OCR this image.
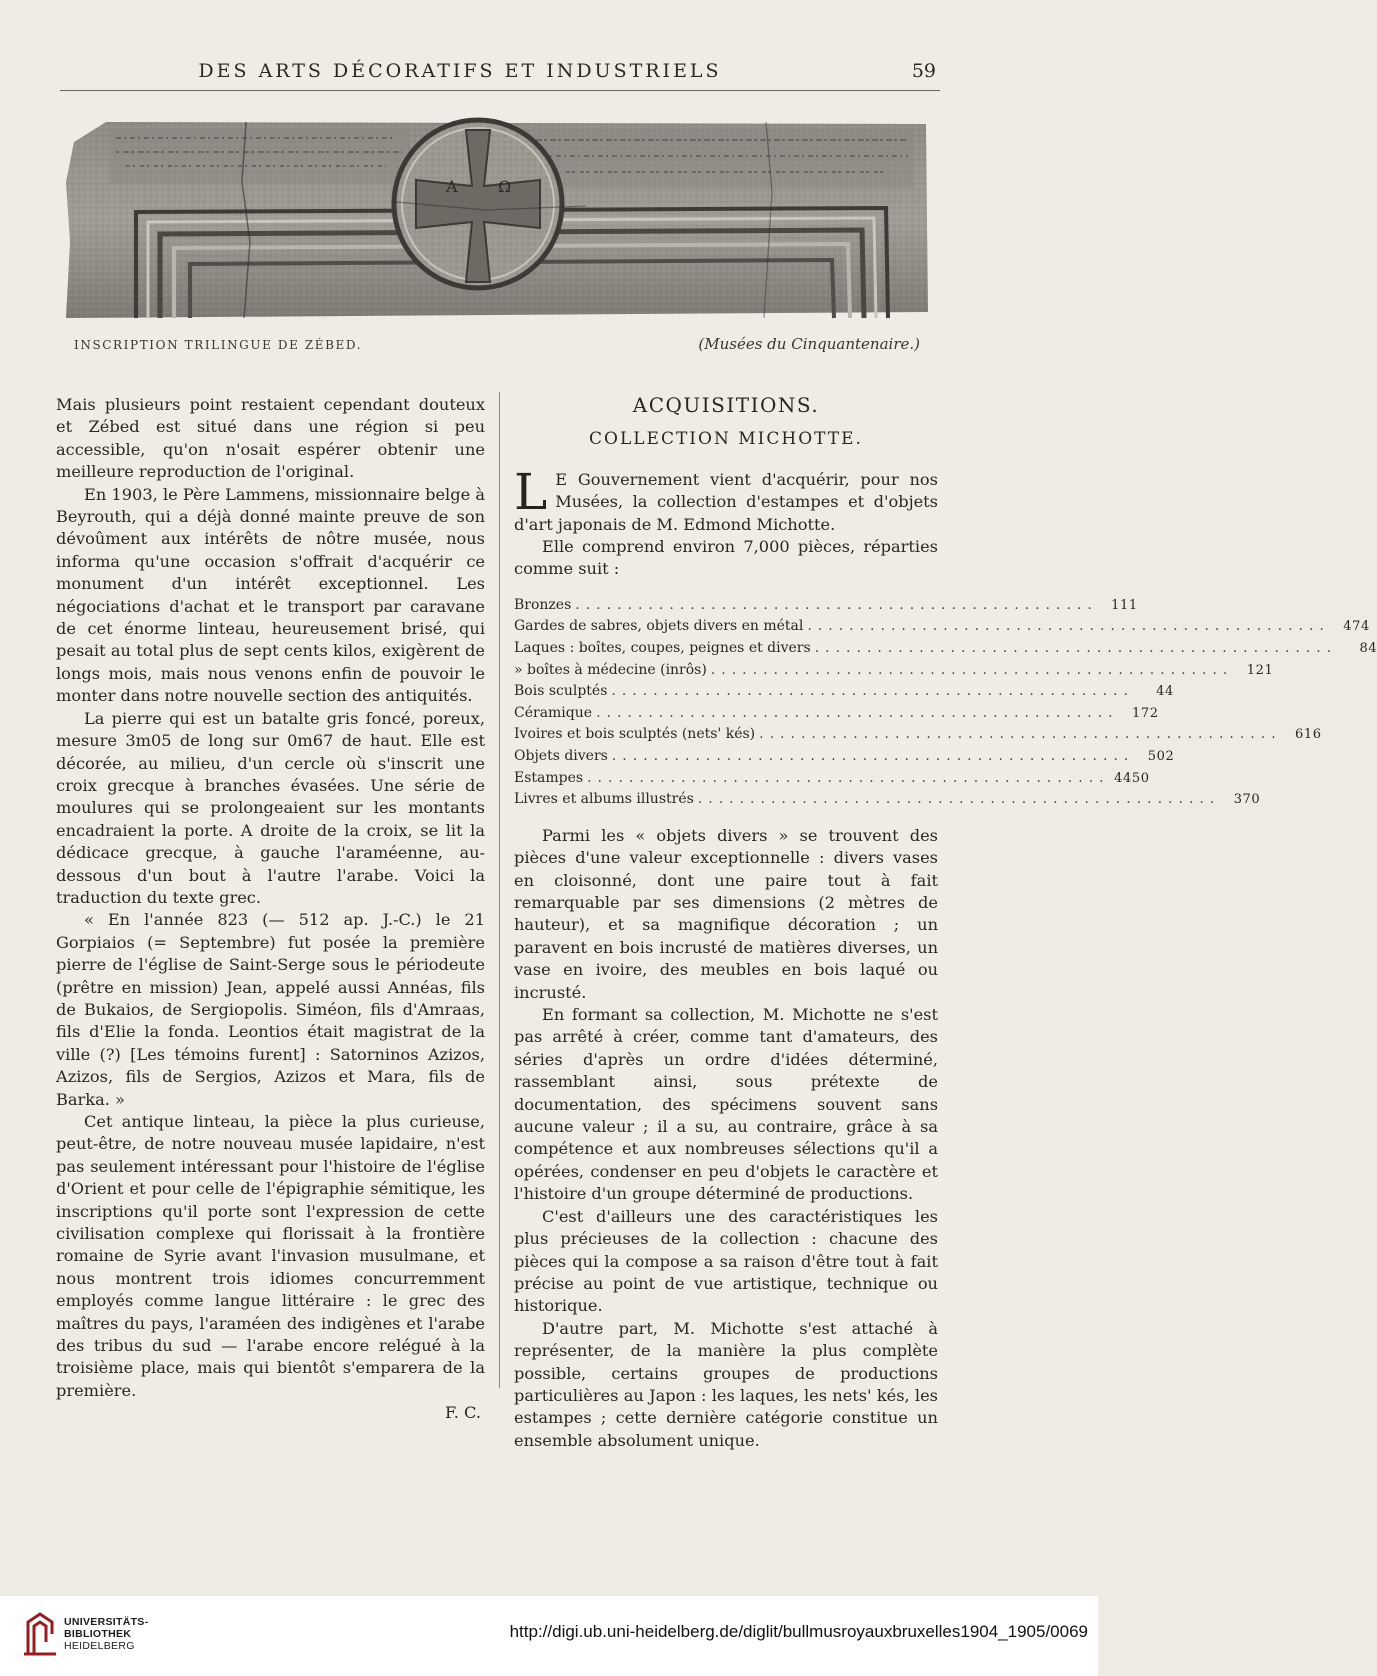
DES ARTS DÉCORATIFS ET INDUSTRIELS	59
Α	Ω
INSCRIPTION TRILINGUE DE ZÉBED.	(Musées du Cinquantenaire.)

Mais plusieurs point restaient cependant douteux et Zébed est situé dans une région si peu accessible, qu'on n'osait espérer obtenir une meilleure reproduction de l'original.

En 1903, le Père Lammens, missionnaire belge à Beyrouth, qui a déjà donné mainte preuve de son dévoûment aux intérêts de nôtre musée, nous informa qu'une occasion s'offrait d'acquérir ce monument d'un intérêt exceptionnel. Les négociations d'achat et le transport par caravane de cet énorme linteau, heureusement brisé, qui pesait au total plus de sept cents kilos, exigèrent de longs mois, mais nous venons enfin de pouvoir le monter dans notre nouvelle section des antiquités.

La pierre qui est un batalte gris foncé, poreux, mesure 3m05 de long sur 0m67 de haut. Elle est décorée, au milieu, d'un cercle où s'inscrit une croix grecque à branches évasées. Une série de moulures qui se prolongeaient sur les montants encadraient la porte. A droite de la croix, se lit la dédicace grecque, à gauche l'araméenne, au-dessous d'un bout à l'autre l'arabe. Voici la traduction du texte grec.

« En l'année 823 (— 512 ap. J.-C.) le 21 Gorpiaios (= Septembre) fut posée la première pierre de l'église de Saint-Serge sous le périodeute (prêtre en mission) Jean, appelé aussi Annéas, fils de Bukaios, de Sergiopolis. Siméon, fils d'Amraas, fils d'Elie la fonda. Leontios était magistrat de la ville (?) [Les témoins furent] : Satorninos Azizos, Azizos, fils de Sergios, Azizos et Mara, fils de Barka. »

Cet antique linteau, la pièce la plus curieuse, peut-être, de notre nouveau musée lapidaire, n'est pas seulement intéressant pour l'histoire de l'église d'Orient et pour celle de l'épigraphie sémitique, les inscriptions qu'il porte sont l'expression de cette civilisation complexe qui florissait à la frontière romaine de Syrie avant l'invasion musulmane, et nous montrent trois idiomes concurremment employés comme langue littéraire : le grec des maîtres du pays, l'araméen des indigènes et l'arabe des tribus du sud — l'arabe encore relégué à la troisième place, mais qui bientôt s'emparera de la première.

F. C.

ACQUISITIONS.
COLLECTION MICHOTTE.

L E Gouvernement vient d'acquérir, pour nos Musées, la collection d'estampes et d'objets d'art japonais de M. Edmond Michotte.

Elle comprend environ 7,000 pièces, réparties comme suit :

Bronzes ..................................................	111
Gardes de sabres, objets divers en métal ..................................................	474
Laques : boîtes, coupes, peignes et divers ..................................................	84
» boîtes à médecine (inrôs) ..................................................	121
Bois sculptés ..................................................	44
Céramique ..................................................	172
Ivoires et bois sculptés (nets' kés) ..................................................	616
Objets divers ..................................................	502
Estampes .................................................. 4450
Livres et albums illustrés ..................................................	370

Parmi les « objets divers » se trouvent des pièces d'une valeur exceptionnelle : divers vases en cloisonné, dont une paire tout à fait remarquable par ses dimensions (2 mètres de hauteur), et sa magnifique décoration ; un paravent en bois incrusté de matières diverses, un vase en ivoire, des meubles en bois laqué ou incrusté.

En formant sa collection, M. Michotte ne s'est pas arrêté à créer, comme tant d'amateurs, des séries d'après un ordre d'idées déterminé, rassemblant ainsi, sous prétexte de documentation, des spécimens souvent sans aucune valeur ; il a su, au contraire, grâce à sa compétence et aux nombreuses sélections qu'il a opérées, condenser en peu d'objets le caractère et l'histoire d'un groupe déterminé de productions.

C'est d'ailleurs une des caractéristiques les plus précieuses de la collection : chacune des pièces qui la compose a sa raison d'être tout à fait précise au point de vue artistique, technique ou historique.

D'autre part, M. Michotte s'est attaché à représenter, de la manière la plus complète possible, certains groupes de productions particulières au Japon : les laques, les nets' kés, les estampes ; cette dernière catégorie constitue un ensemble absolument unique.

UNIVERSITÄTS-
BIBLIOTHEK
HEIDELBERG
http://digi.ub.uni-heidelberg.de/diglit/bullmusroyauxbruxelles1904_1905/0069
